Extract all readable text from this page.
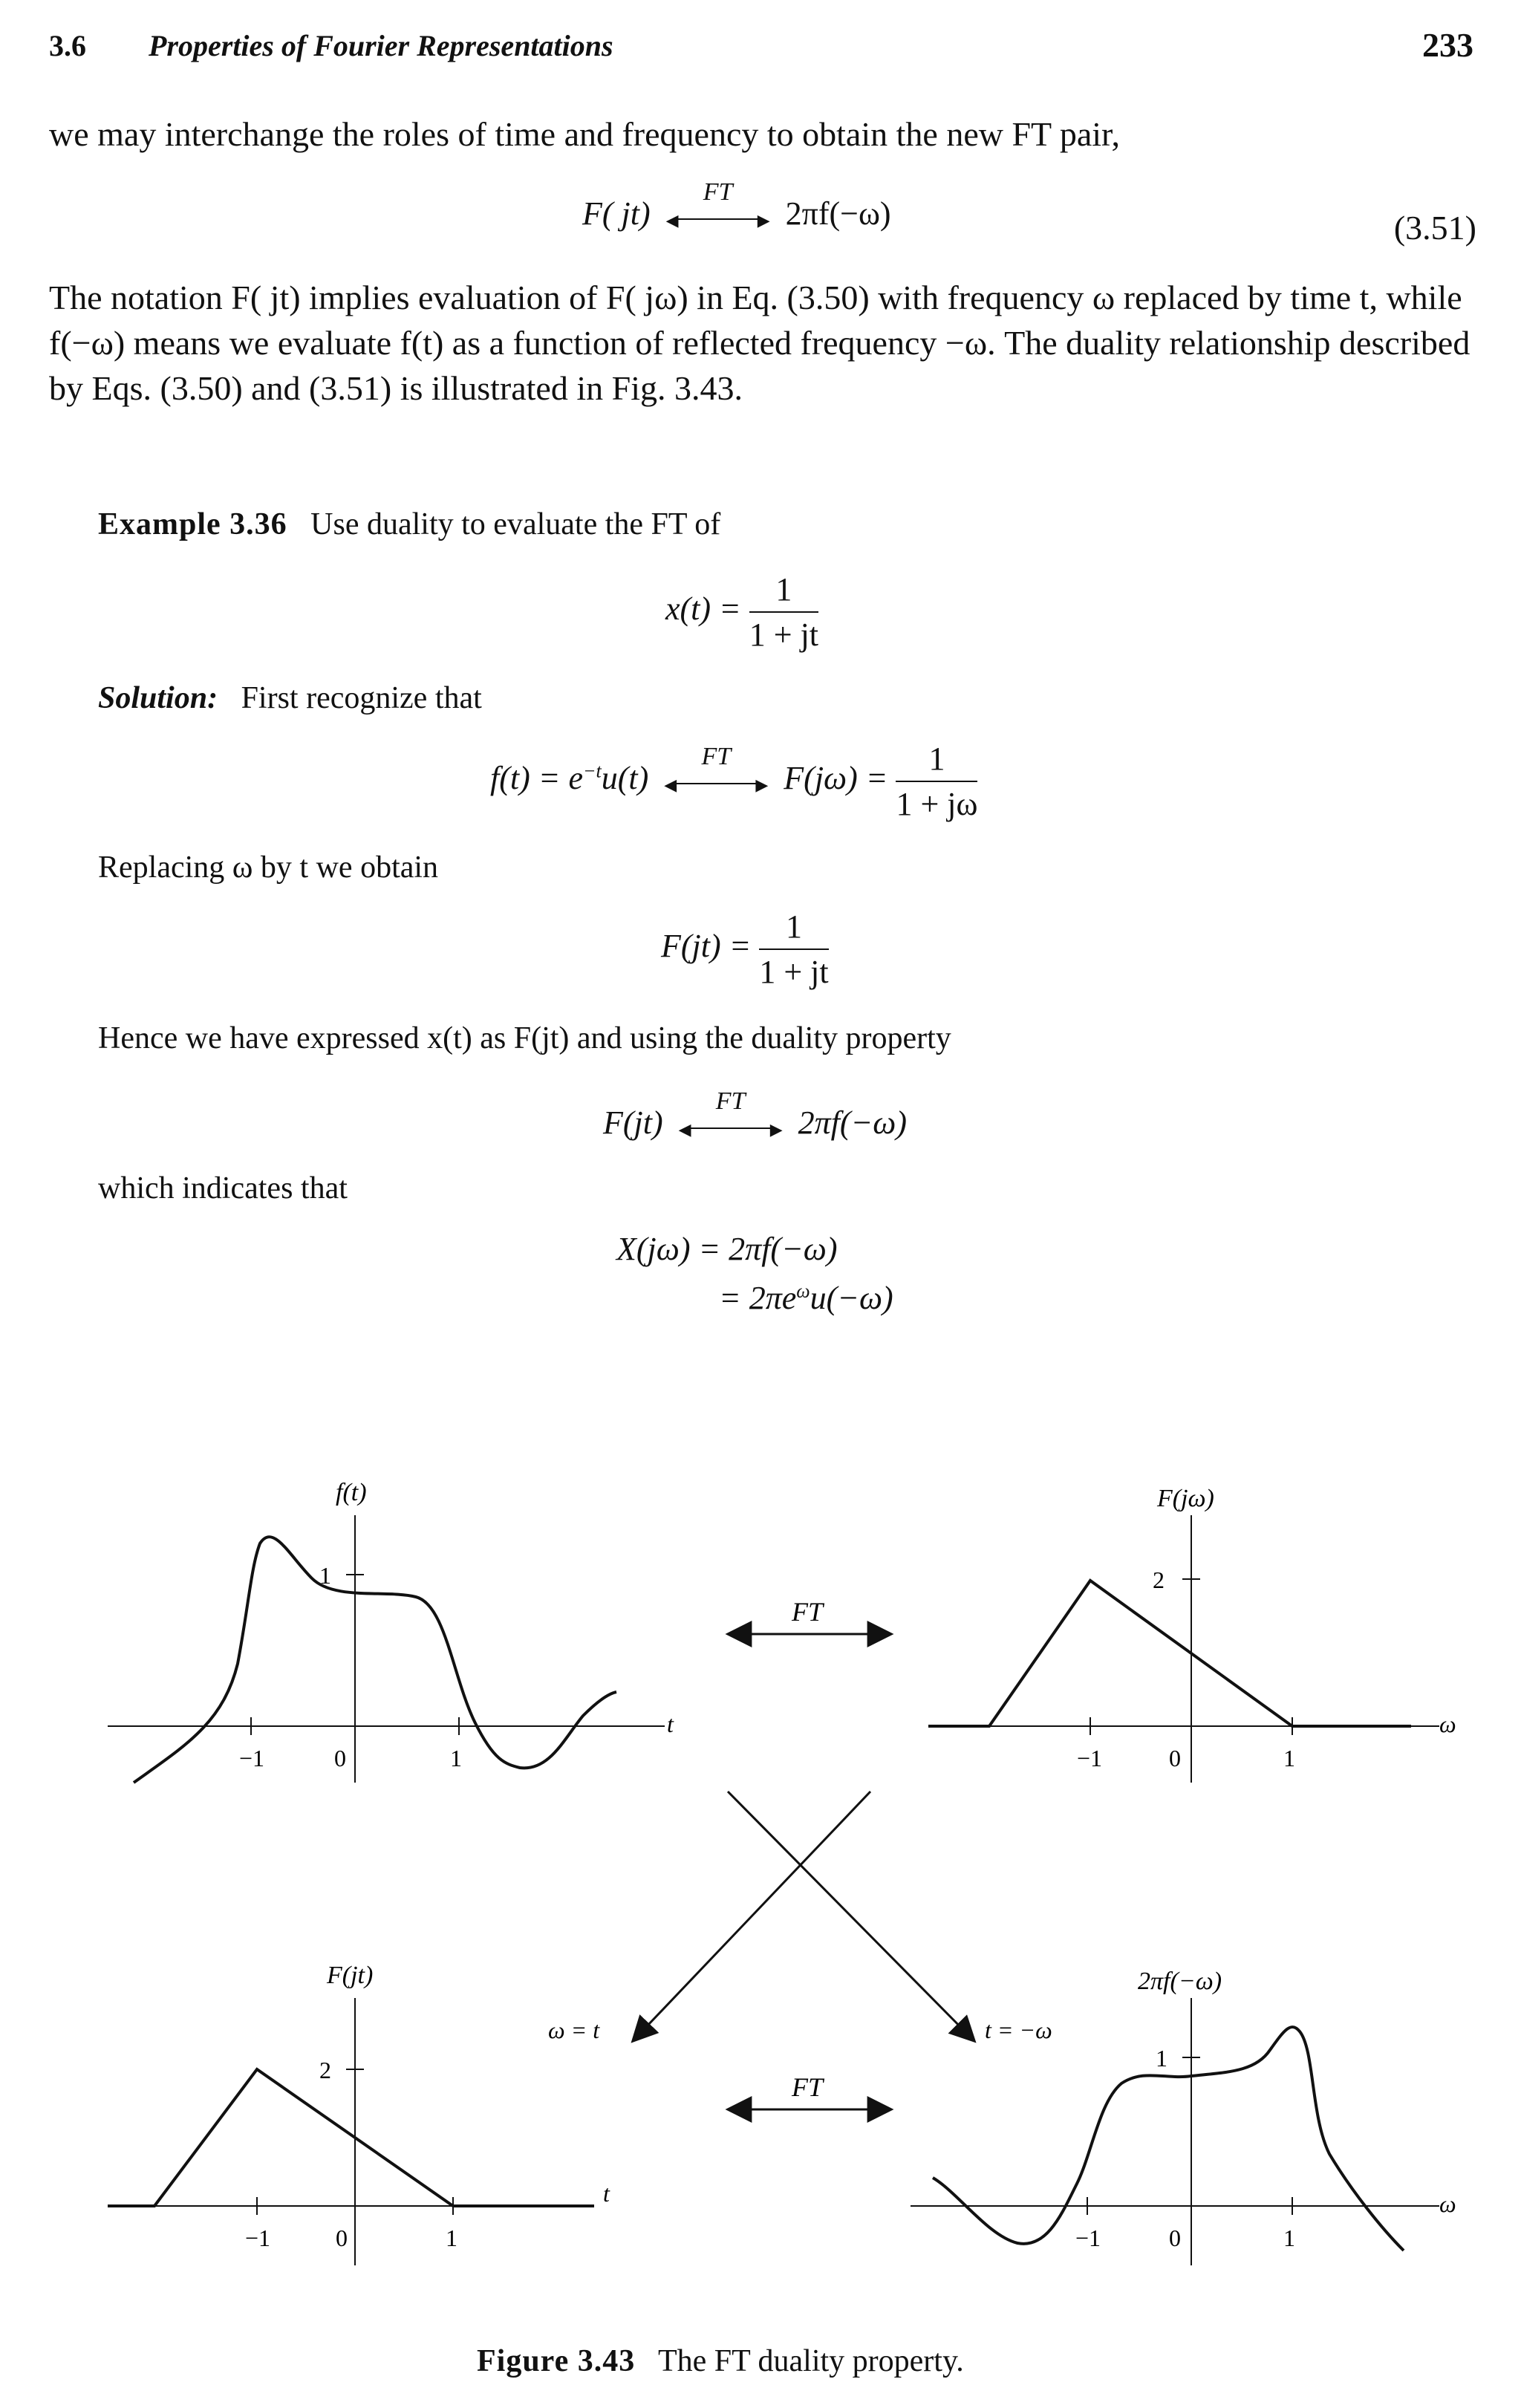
3.6 Properties of Fourier Representations	233
we may interchange the roles of time and frequency to obtain the new FT pair,
F( jt)
FT
◀	▶ 2πf(−ω)	(3.51)
The notation F( jt) implies evaluation of F( jω) in Eq. (3.50) with frequency ω replaced by time t, while f(−ω) means we evaluate f(t) as a function of reflected frequency −ω. The duality relationship described by Eqs. (3.50) and (3.51) is illustrated in Fig. 3.43.
Example 3.36 Use duality to evaluate the FT of
$x(t) = \frac{1}{1 + jt}$
Solution: First recognize that
$f(t) = e^{-t}u(t)$
FT
◀	▶ $F(j\omega) = \frac{1}{1 + j\omega}$
Replacing ω by t we obtain
$F(jt) = \frac{1}{1 + jt}$
Hence we have expressed x(t) as F(jt) and using the duality property
F(jt)
FT
◀	▶ 2πf(−ω)
which indicates that
X(jω) = 2πf(−ω)
= $2\pi e^\omega u(-\omega)$
f(t)
t
1
−1	0	1
FT
F(jω)
ω
2
−1	0	1
ω = t	t = −ω
F(jt)
t
2
−1	0	1
FT
2πf(−ω)
ω
1
−1	0	1
Figure 3.43 The FT duality property.
